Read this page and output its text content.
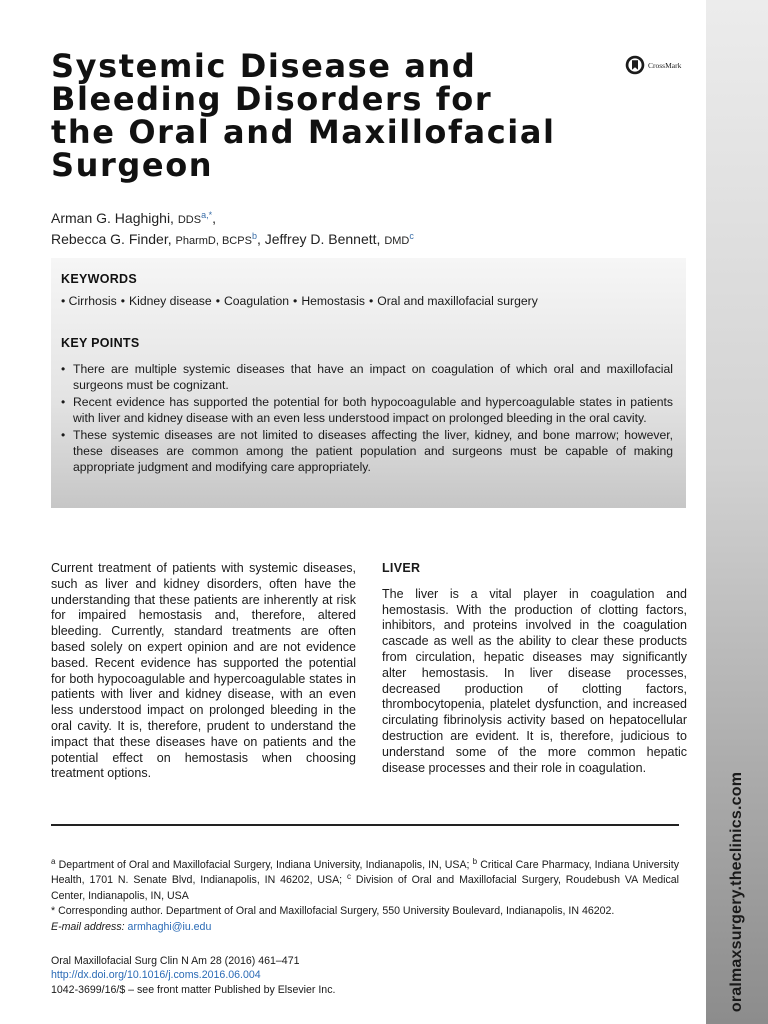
oralmaxsurgery.theclinics.com
Systemic Disease and
Bleeding Disorders for
the Oral and Maxillofacial
Surgeon
CrossMark
Arman G. Haghighi, $DDS^{a,*}$,
Rebecca G. Finder, PharmD, BCPS$^b$, Jeffrey D. Bennett, DMD$^c$
KEYWORDS
• Cirrhosis • Kidney disease • Coagulation • Hemostasis • Oral and maxillofacial surgery
KEY POINTS
• There are multiple systemic diseases that have an impact on coagulation of which oral and maxillofacial surgeons must be cognizant.
• Recent evidence has supported the potential for both hypocoagulable and hypercoagulable states in patients with liver and kidney disease with an even less understood impact on prolonged bleeding in the oral cavity.
• These systemic diseases are not limited to diseases affecting the liver, kidney, and bone marrow; however, these diseases are common among the patient population and surgeons must be capable of making appropriate judgment and modifying care appropriately.

Current treatment of patients with systemic diseases, such as liver and kidney disorders, often have the understanding that these patients are inherently at risk for impaired hemostasis and, therefore, altered bleeding. Currently, standard treatments are often based solely on expert opinion and are not evidence based. Recent evidence has supported the potential for both hypocoagulable and hypercoagulable states in patients with liver and kidney disease, with an even less understood impact on prolonged bleeding in the oral cavity. It is, therefore, prudent to understand the impact that these diseases have on patients and the potential effect on hemostasis when choosing treatment options.

LIVER

The liver is a vital player in coagulation and hemostasis. With the production of clotting factors, inhibitors, and proteins involved in the coagulation cascade as well as the ability to clear these products from circulation, hepatic diseases may significantly alter hemostasis. In liver disease processes, decreased production of clotting factors, thrombocytopenia, platelet dysfunction, and increased circulating fibrinolysis activity based on hepatocellular destruction are evident. It is, therefore, judicious to understand some of the more common hepatic disease processes and their role in coagulation.

$^a$ Department of Oral and Maxillofacial Surgery, Indiana University, Indianapolis, IN, USA; $^b$ Critical Care Pharmacy, Indiana University Health, 1701 N. Senate Blvd, Indianapolis, IN 46202, USA; $^c$ Division of Oral and Maxillofacial Surgery, Roudebush VA Medical Center, Indianapolis, IN, USA
* Corresponding author. Department of Oral and Maxillofacial Surgery, 550 University Boulevard, Indianapolis, IN 46202.
E-mail address: armhaghi@iu.edu
Oral Maxillofacial Surg Clin N Am 28 (2016) 461–471
http://dx.doi.org/10.1016/j.coms.2016.06.004
1042-3699/16/$ – see front matter Published by Elsevier Inc.
